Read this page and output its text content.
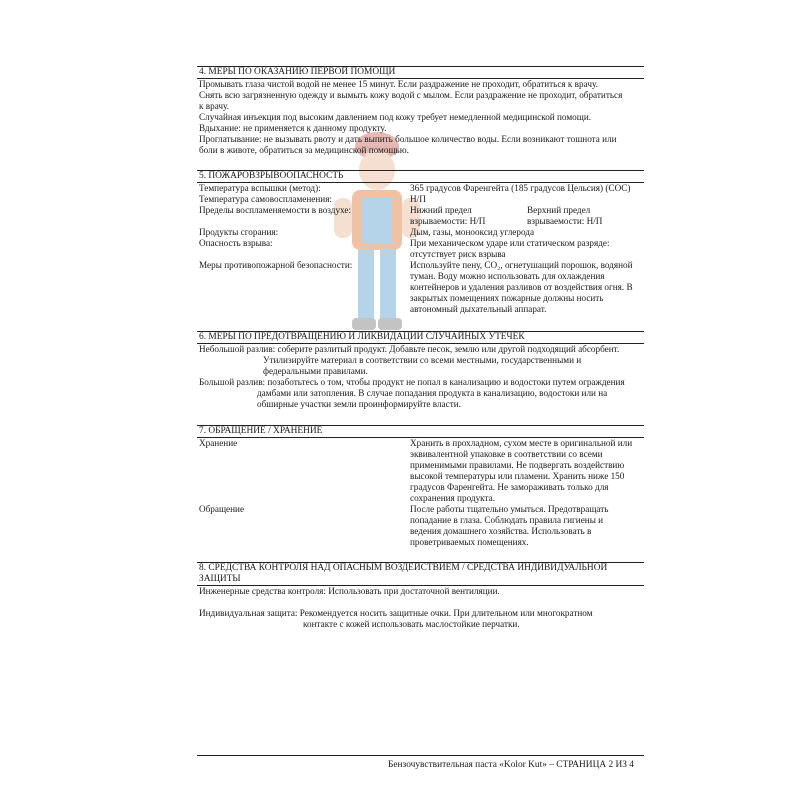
4. МЕРЫ ПО ОКАЗАНИЮ ПЕРВОЙ ПОМОЩИ
Промывать глаза чистой водой не менее 15 минут. Если раздражение не проходит, обратиться к врачу.
Снять всю загрязненную одежду и вымыть кожу водой с мылом. Если раздражение не проходит, обратиться
к врачу.
Случайная инъекция под высоким давлением под кожу требует немедленной медицинской помощи.
Вдыхание: не применяется к данному продукту.
Проглатывание: не вызывать рвоту и дать выпить большое количество воды. Если возникают тошнота или
боли в животе, обратиться за медицинской помощью.
5. ПОЖАРОВЗРЫВООПАСНОСТЬ
Температура вспышки (метод):	365 градусов Фаренгейта (185 градусов Цельсия) (COC)
Температура самовоспламенения:	Н/П
Пределы воспламеняемости в воздухе:	Нижний предел	Верхний предел
взрываемости: Н/П	взрываемости: Н/П
Продукты сгорания:	Дым, газы, монооксид углерода
Опасность взрыва:	При механическом ударе или статическом разряде:
отсутствует риск взрыва
Меры противопожарной безопасности:	Используйте пену, CO₂, огнетушащий порошок, водяной
туман. Воду можно использовать для охлаждения
контейнеров и удаления разливов от воздействия огня. В
закрытых помещениях пожарные должны носить
автономный дыхательный аппарат.
6. МЕРЫ ПО ПРЕДОТВРАЩЕНИЮ И ЛИКВИДАЦИИ СЛУЧАЙНЫХ УТЕЧЕК
Небольшой разлив: соберите разлитый продукт. Добавьте песок, землю или другой подходящий абсорбент.
Утилизируйте материал в соответствии со всеми местными, государственными и
федеральными правилами.
Большой разлив: позаботьтесь о том, чтобы продукт не попал в канализацию и водостоки путем ограждения
дамбами или затопления. В случае попадания продукта в канализацию, водостоки или на
обширные участки земли проинформируйте власти.
7. ОБРАЩЕНИЕ / ХРАНЕНИЕ
Хранение	Хранить в прохладном, сухом месте в оригинальной или
эквивалентной упаковке в соответствии со всеми
применимыми правилами. Не подвергать воздействию
высокой температуры или пламени. Хранить ниже 150
градусов Фаренгейта. Не замораживать только для
сохранения продукта.
Обращение	После работы тщательно умыться. Предотвращать
попадание в глаза. Соблюдать правила гигиены и
ведения домашнего хозяйства. Использовать в
проветриваемых помещениях.
8. СРЕДСТВА КОНТРОЛЯ НАД ОПАСНЫМ ВОЗДЕЙСТВИЕМ / СРЕДСТВА ИНДИВИДУАЛЬНОЙ
ЗАЩИТЫ
Инженерные средства контроля: Использовать при достаточной вентиляции.
Индивидуальная защита: Рекомендуется носить защитные очки. При длительном или многократном
контакте с кожей использовать маслостойкие перчатки.
Бензочувствительная паста «Kolor Kut» – СТРАНИЦА 2 ИЗ 4
